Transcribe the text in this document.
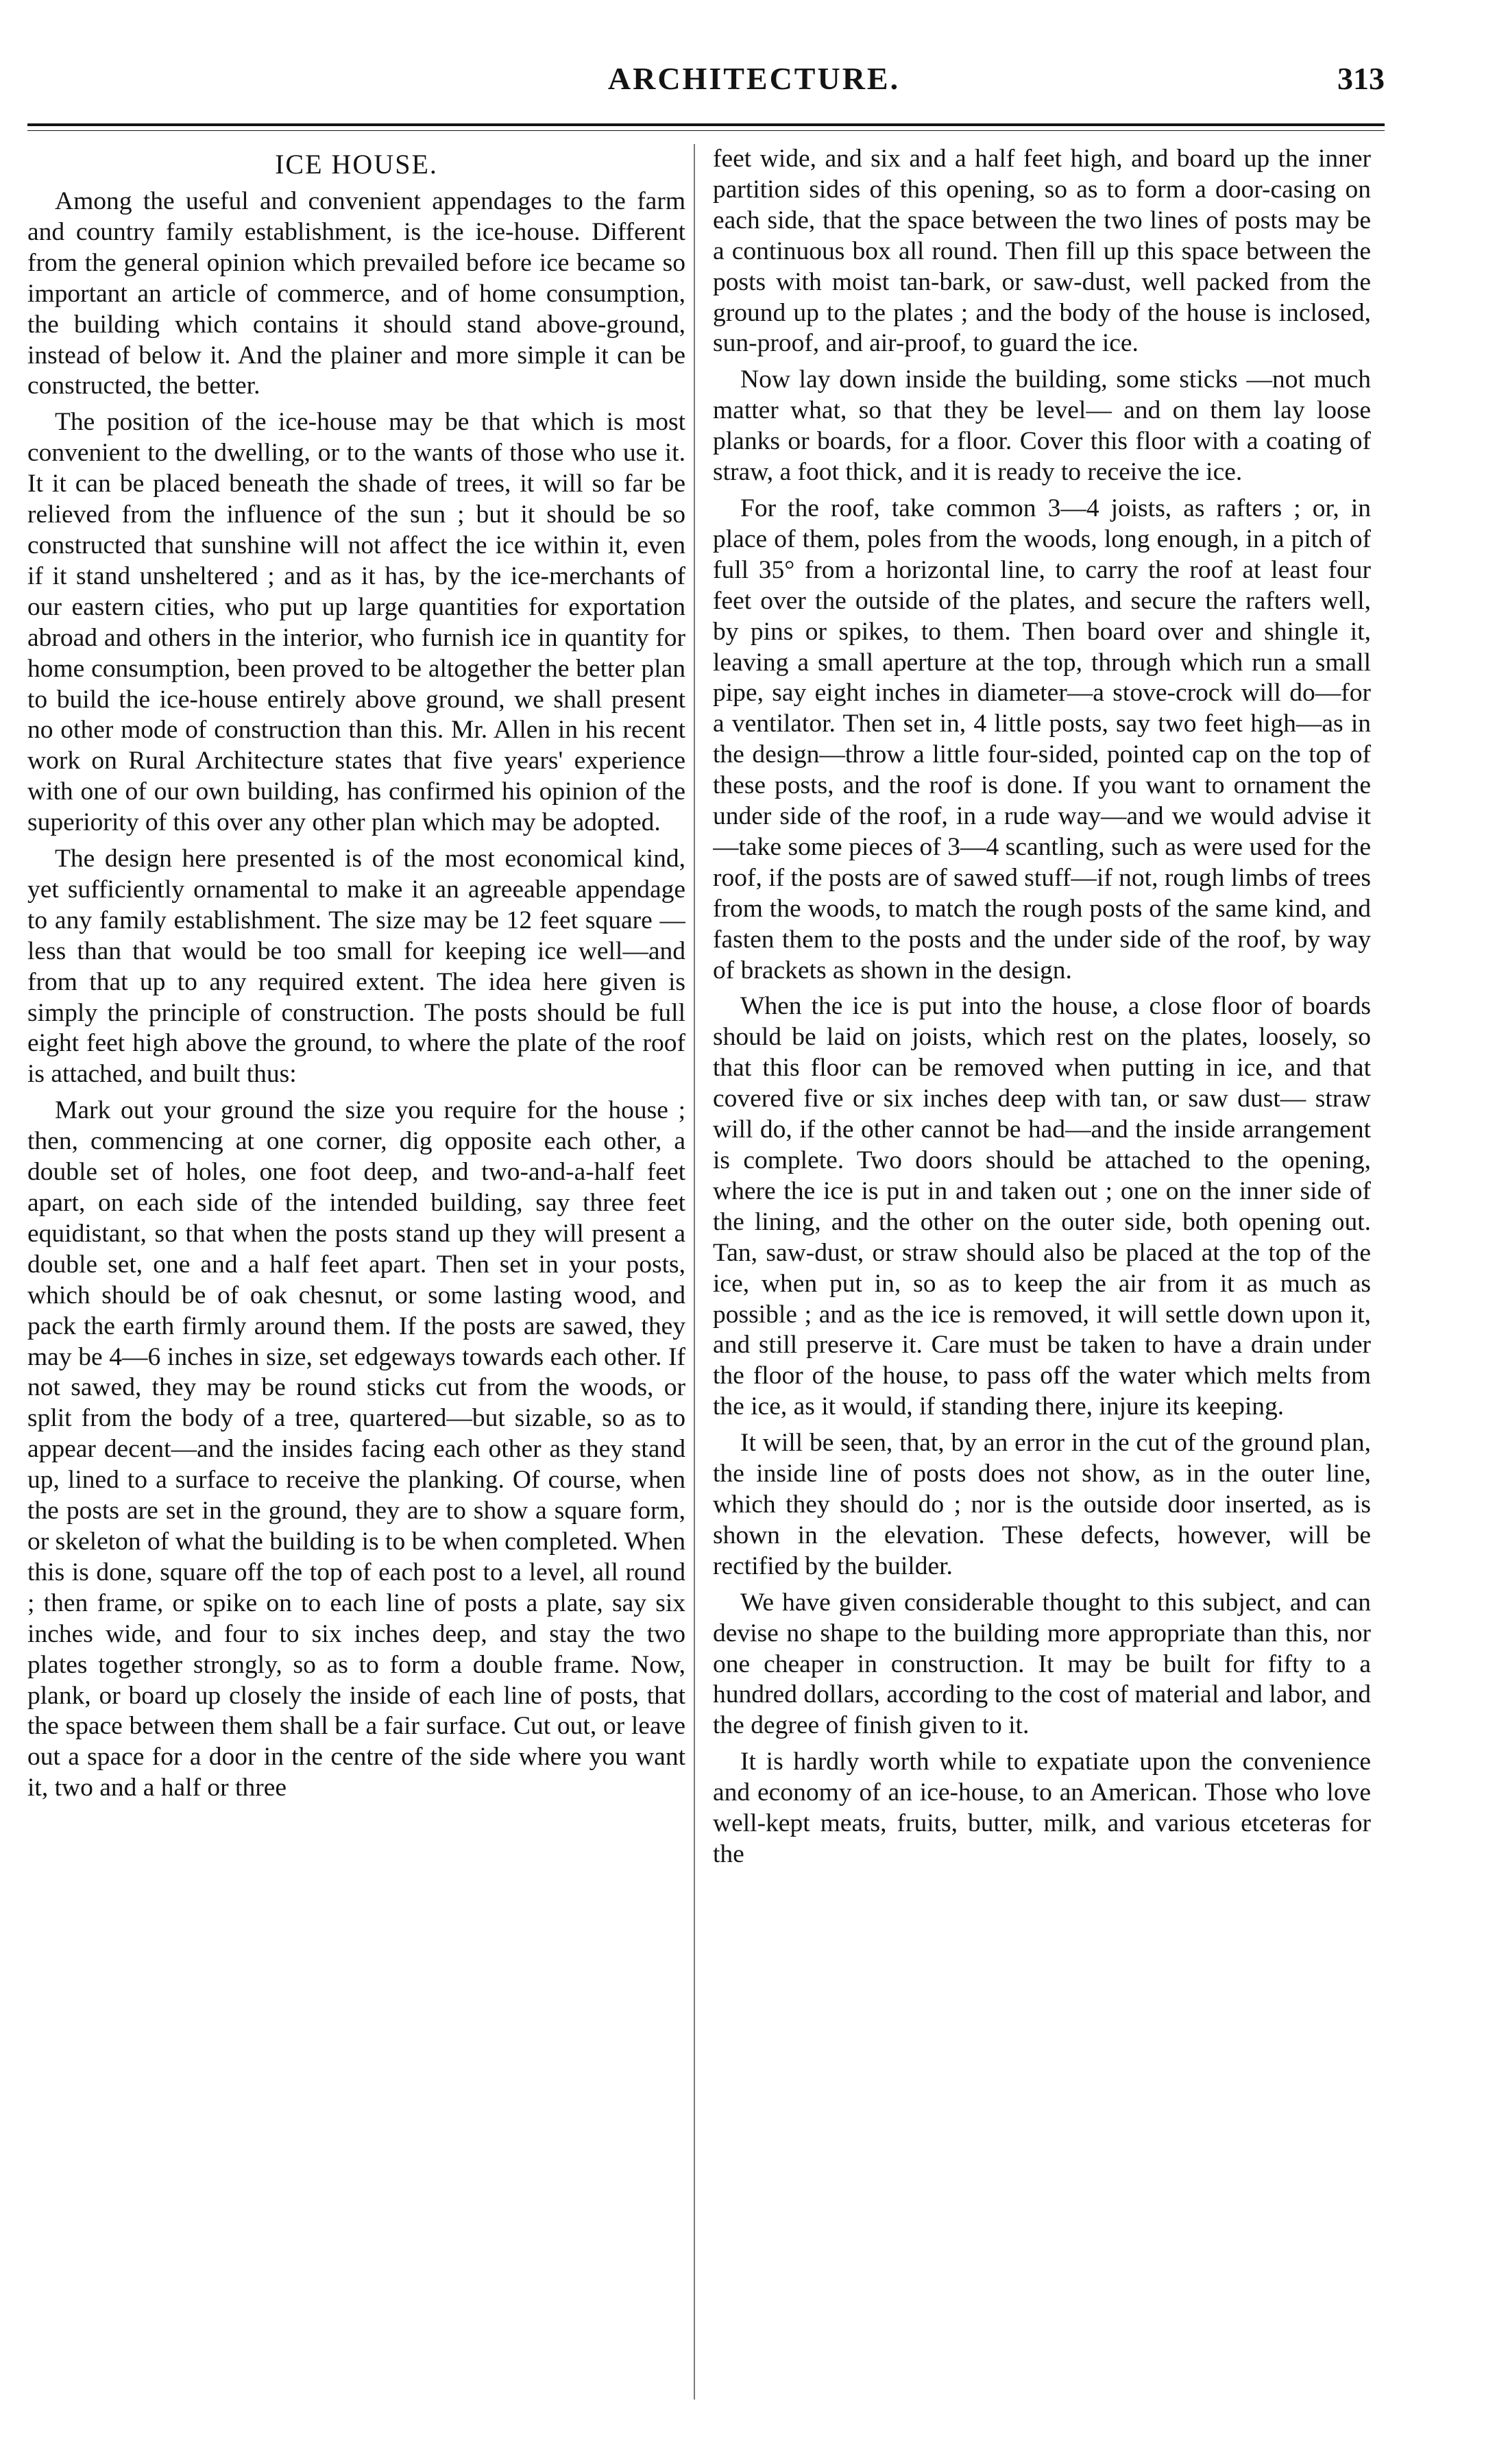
ARCHITECTURE.	313
ICE HOUSE.

Among the useful and convenient appendages to the farm and country family establishment, is the ice-house. Different from the general opinion which prevailed before ice became so important an article of commerce, and of home consumption, the building which contains it should stand above-ground, instead of below it. And the plainer and more simple it can be constructed, the better.

The position of the ice-house may be that which is most convenient to the dwelling, or to the wants of those who use it. It it can be placed beneath the shade of trees, it will so far be relieved from the influence of the sun ; but it should be so constructed that sunshine will not affect the ice within it, even if it stand unsheltered ; and as it has, by the ice-merchants of our eastern cities, who put up large quantities for exportation abroad and others in the interior, who furnish ice in quantity for home consumption, been proved to be altogether the better plan to build the ice-house entirely above ground, we shall present no other mode of construction than this. Mr. Allen in his recent work on Rural Architecture states that five years' experience with one of our own building, has confirmed his opinion of the superiority of this over any other plan which may be adopted.

The design here presented is of the most economical kind, yet sufficiently ornamental to make it an agreeable appendage to any family establishment. The size may be 12 feet square —less than that would be too small for keeping ice well—and from that up to any required extent. The idea here given is simply the principle of construction. The posts should be full eight feet high above the ground, to where the plate of the roof is attached, and built thus:

Mark out your ground the size you require for the house ; then, commencing at one corner, dig opposite each other, a double set of holes, one foot deep, and two-and-a-half feet apart, on each side of the intended building, say three feet equidistant, so that when the posts stand up they will present a double set, one and a half feet apart. Then set in your posts, which should be of oak chesnut, or some lasting wood, and pack the earth firmly around them. If the posts are sawed, they may be 4—6 inches in size, set edgeways towards each other. If not sawed, they may be round sticks cut from the woods, or split from the body of a tree, quartered—but sizable, so as to appear decent—and the insides facing each other as they stand up, lined to a surface to receive the planking. Of course, when the posts are set in the ground, they are to show a square form, or skeleton of what the building is to be when completed. When this is done, square off the top of each post to a level, all round ; then frame, or spike on to each line of posts a plate, say six inches wide, and four to six inches deep, and stay the two plates together strongly, so as to form a double frame. Now, plank, or board up closely the inside of each line of posts, that the space between them shall be a fair surface. Cut out, or leave out a space for a door in the centre of the side where you want it, two and a half or three

feet wide, and six and a half feet high, and board up the inner partition sides of this opening, so as to form a door-casing on each side, that the space between the two lines of posts may be a continuous box all round. Then fill up this space between the posts with moist tan-bark, or saw-dust, well packed from the ground up to the plates ; and the body of the house is inclosed, sun-proof, and air-proof, to guard the ice.

Now lay down inside the building, some sticks —not much matter what, so that they be level— and on them lay loose planks or boards, for a floor. Cover this floor with a coating of straw, a foot thick, and it is ready to receive the ice.

For the roof, take common 3—4 joists, as rafters ; or, in place of them, poles from the woods, long enough, in a pitch of full 35° from a horizontal line, to carry the roof at least four feet over the outside of the plates, and secure the rafters well, by pins or spikes, to them. Then board over and shingle it, leaving a small aperture at the top, through which run a small pipe, say eight inches in diameter—a stove-crock will do—for a ventilator. Then set in, 4 little posts, say two feet high—as in the design—throw a little four-sided, pointed cap on the top of these posts, and the roof is done. If you want to ornament the under side of the roof, in a rude way—and we would advise it—take some pieces of 3—4 scantling, such as were used for the roof, if the posts are of sawed stuff—if not, rough limbs of trees from the woods, to match the rough posts of the same kind, and fasten them to the posts and the under side of the roof, by way of brackets as shown in the design.

When the ice is put into the house, a close floor of boards should be laid on joists, which rest on the plates, loosely, so that this floor can be removed when putting in ice, and that covered five or six inches deep with tan, or saw dust— straw will do, if the other cannot be had—and the inside arrangement is complete. Two doors should be attached to the opening, where the ice is put in and taken out ; one on the inner side of the lining, and the other on the outer side, both opening out. Tan, saw-dust, or straw should also be placed at the top of the ice, when put in, so as to keep the air from it as much as possible ; and as the ice is removed, it will settle down upon it, and still preserve it. Care must be taken to have a drain under the floor of the house, to pass off the water which melts from the ice, as it would, if standing there, injure its keeping.

It will be seen, that, by an error in the cut of the ground plan, the inside line of posts does not show, as in the outer line, which they should do ; nor is the outside door inserted, as is shown in the elevation. These defects, however, will be rectified by the builder.

We have given considerable thought to this subject, and can devise no shape to the building more appropriate than this, nor one cheaper in construction. It may be built for fifty to a hundred dollars, according to the cost of material and labor, and the degree of finish given to it.

It is hardly worth while to expatiate upon the convenience and economy of an ice-house, to an American. Those who love well-kept meats, fruits, butter, milk, and various etceteras for the
